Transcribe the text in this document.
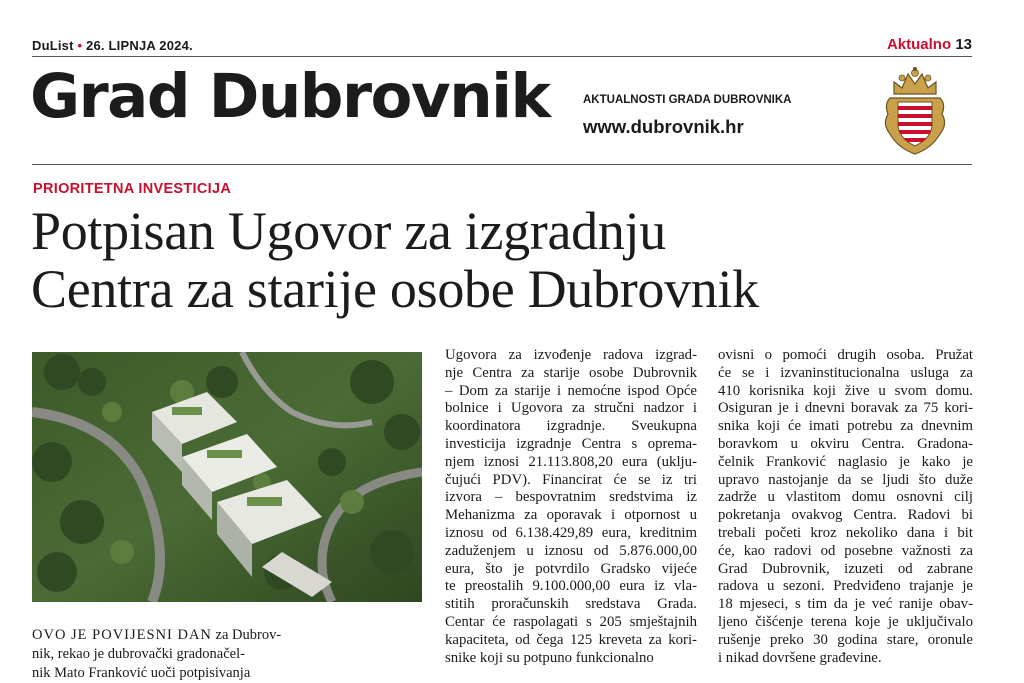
DuList • 26. LIPNJA 2024.	Aktualno 13
Grad Dubrovnik	AKTUALNOSTI GRADA DUBROVNIKA
www.dubrovnik.hr
PRIORITETNA INVESTICIJA
Potpisan Ugovor za izgradnju
Centra za starije osobe Dubrovnik
OVO JE POVIJESNI DAN za Dubrov-
nik, rekao je dubrovački gradonačel-
nik Mato Franković uoči potpisivanja
Ugovora za izvođenje radova izgrad-
nje Centra za starije osobe Dubrovnik
– Dom za starije i nemoćne ispod Opće
bolnice i Ugovora za stručni nadzor i
koordinatora izgradnje. Sveukupna
investicija izgradnje Centra s oprema-
njem iznosi 21.113.808,20 eura (uklju-
čujući PDV). Financirat će se iz tri
izvora – bespovratnim sredstvima iz
Mehanizma za oporavak i otpornost u
iznosu od 6.138.429,89 eura, kreditnim
zaduženjem u iznosu od 5.876.000,00
eura, što je potvrdilo Gradsko vijeće
te preostalih 9.100.000,00 eura iz vla-
stitih proračunskih sredstava Grada.
Centar će raspolagati s 205 smještajnih
kapaciteta, od čega 125 kreveta za kori-
snike koji su potpuno funkcionalno
ovisni o pomoći drugih osoba. Pružat
će se i izvaninstitucionalna usluga za
410 korisnika koji žive u svom domu.
Osiguran je i dnevni boravak za 75 kori-
snika koji će imati potrebu za dnevnim
boravkom u okviru Centra. Gradona-
čelnik Franković naglasio je kako je
upravo nastojanje da se ljudi što duže
zadrže u vlastitom domu osnovni cilj
pokretanja ovakvog Centra. Radovi bi
trebali početi kroz nekoliko dana i bit
će, kao radovi od posebne važnosti za
Grad Dubrovnik, izuzeti od zabrane
radova u sezoni. Predviđeno trajanje je
18 mjeseci, s tim da je već ranije obav-
ljeno čišćenje terena koje je uključivalo
rušenje preko 30 godina stare, oronule
i nikad dovršene građevine.
